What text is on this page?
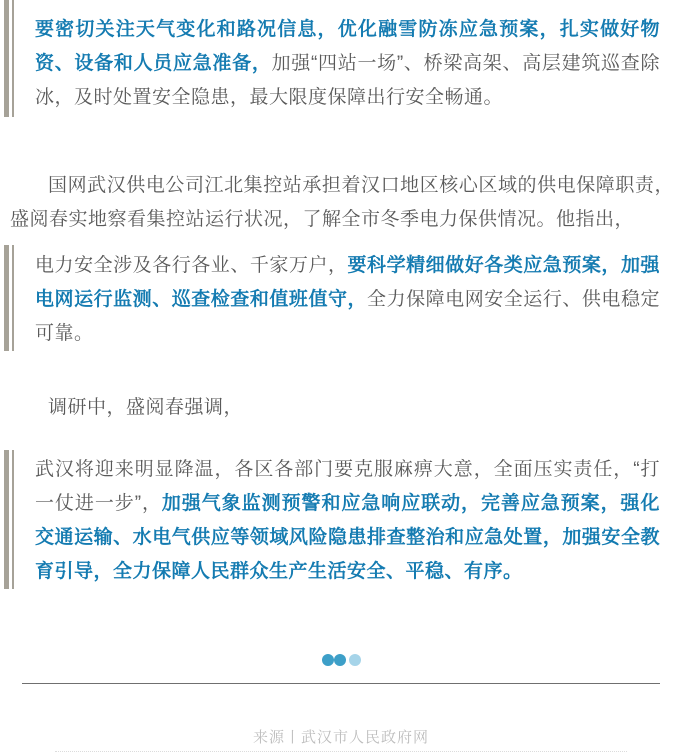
要密切关注天气变化和路况信息，优化融雪防冻应急预案，扎实做好物资、设备和人员应急准备，加强“四站一场”、桥梁高架、高层建筑巡查除冰，及时处置安全隐患，最大限度保障出行安全畅通。

国网武汉供电公司江北集控站承担着汉口地区核心区域的供电保障职责，盛阅春实地察看集控站运行状况，了解全市冬季电力保供情况。他指出，

电力安全涉及各行各业、千家万户，要科学精细做好各类应急预案，加强电网运行监测、巡查检查和值班值守，全力保障电网安全运行、供电稳定可靠。

调研中，盛阅春强调，

武汉将迎来明显降温，各区各部门要克服麻痹大意，全面压实责任，“打一仗进一步”，加强气象监测预警和应急响应联动，完善应急预案，强化交通运输、水电气供应等领域风险隐患排查整治和应急处置，加强安全教育引导，全力保障人民群众生产生活安全、平稳、有序。
来源丨武汉市人民政府网
